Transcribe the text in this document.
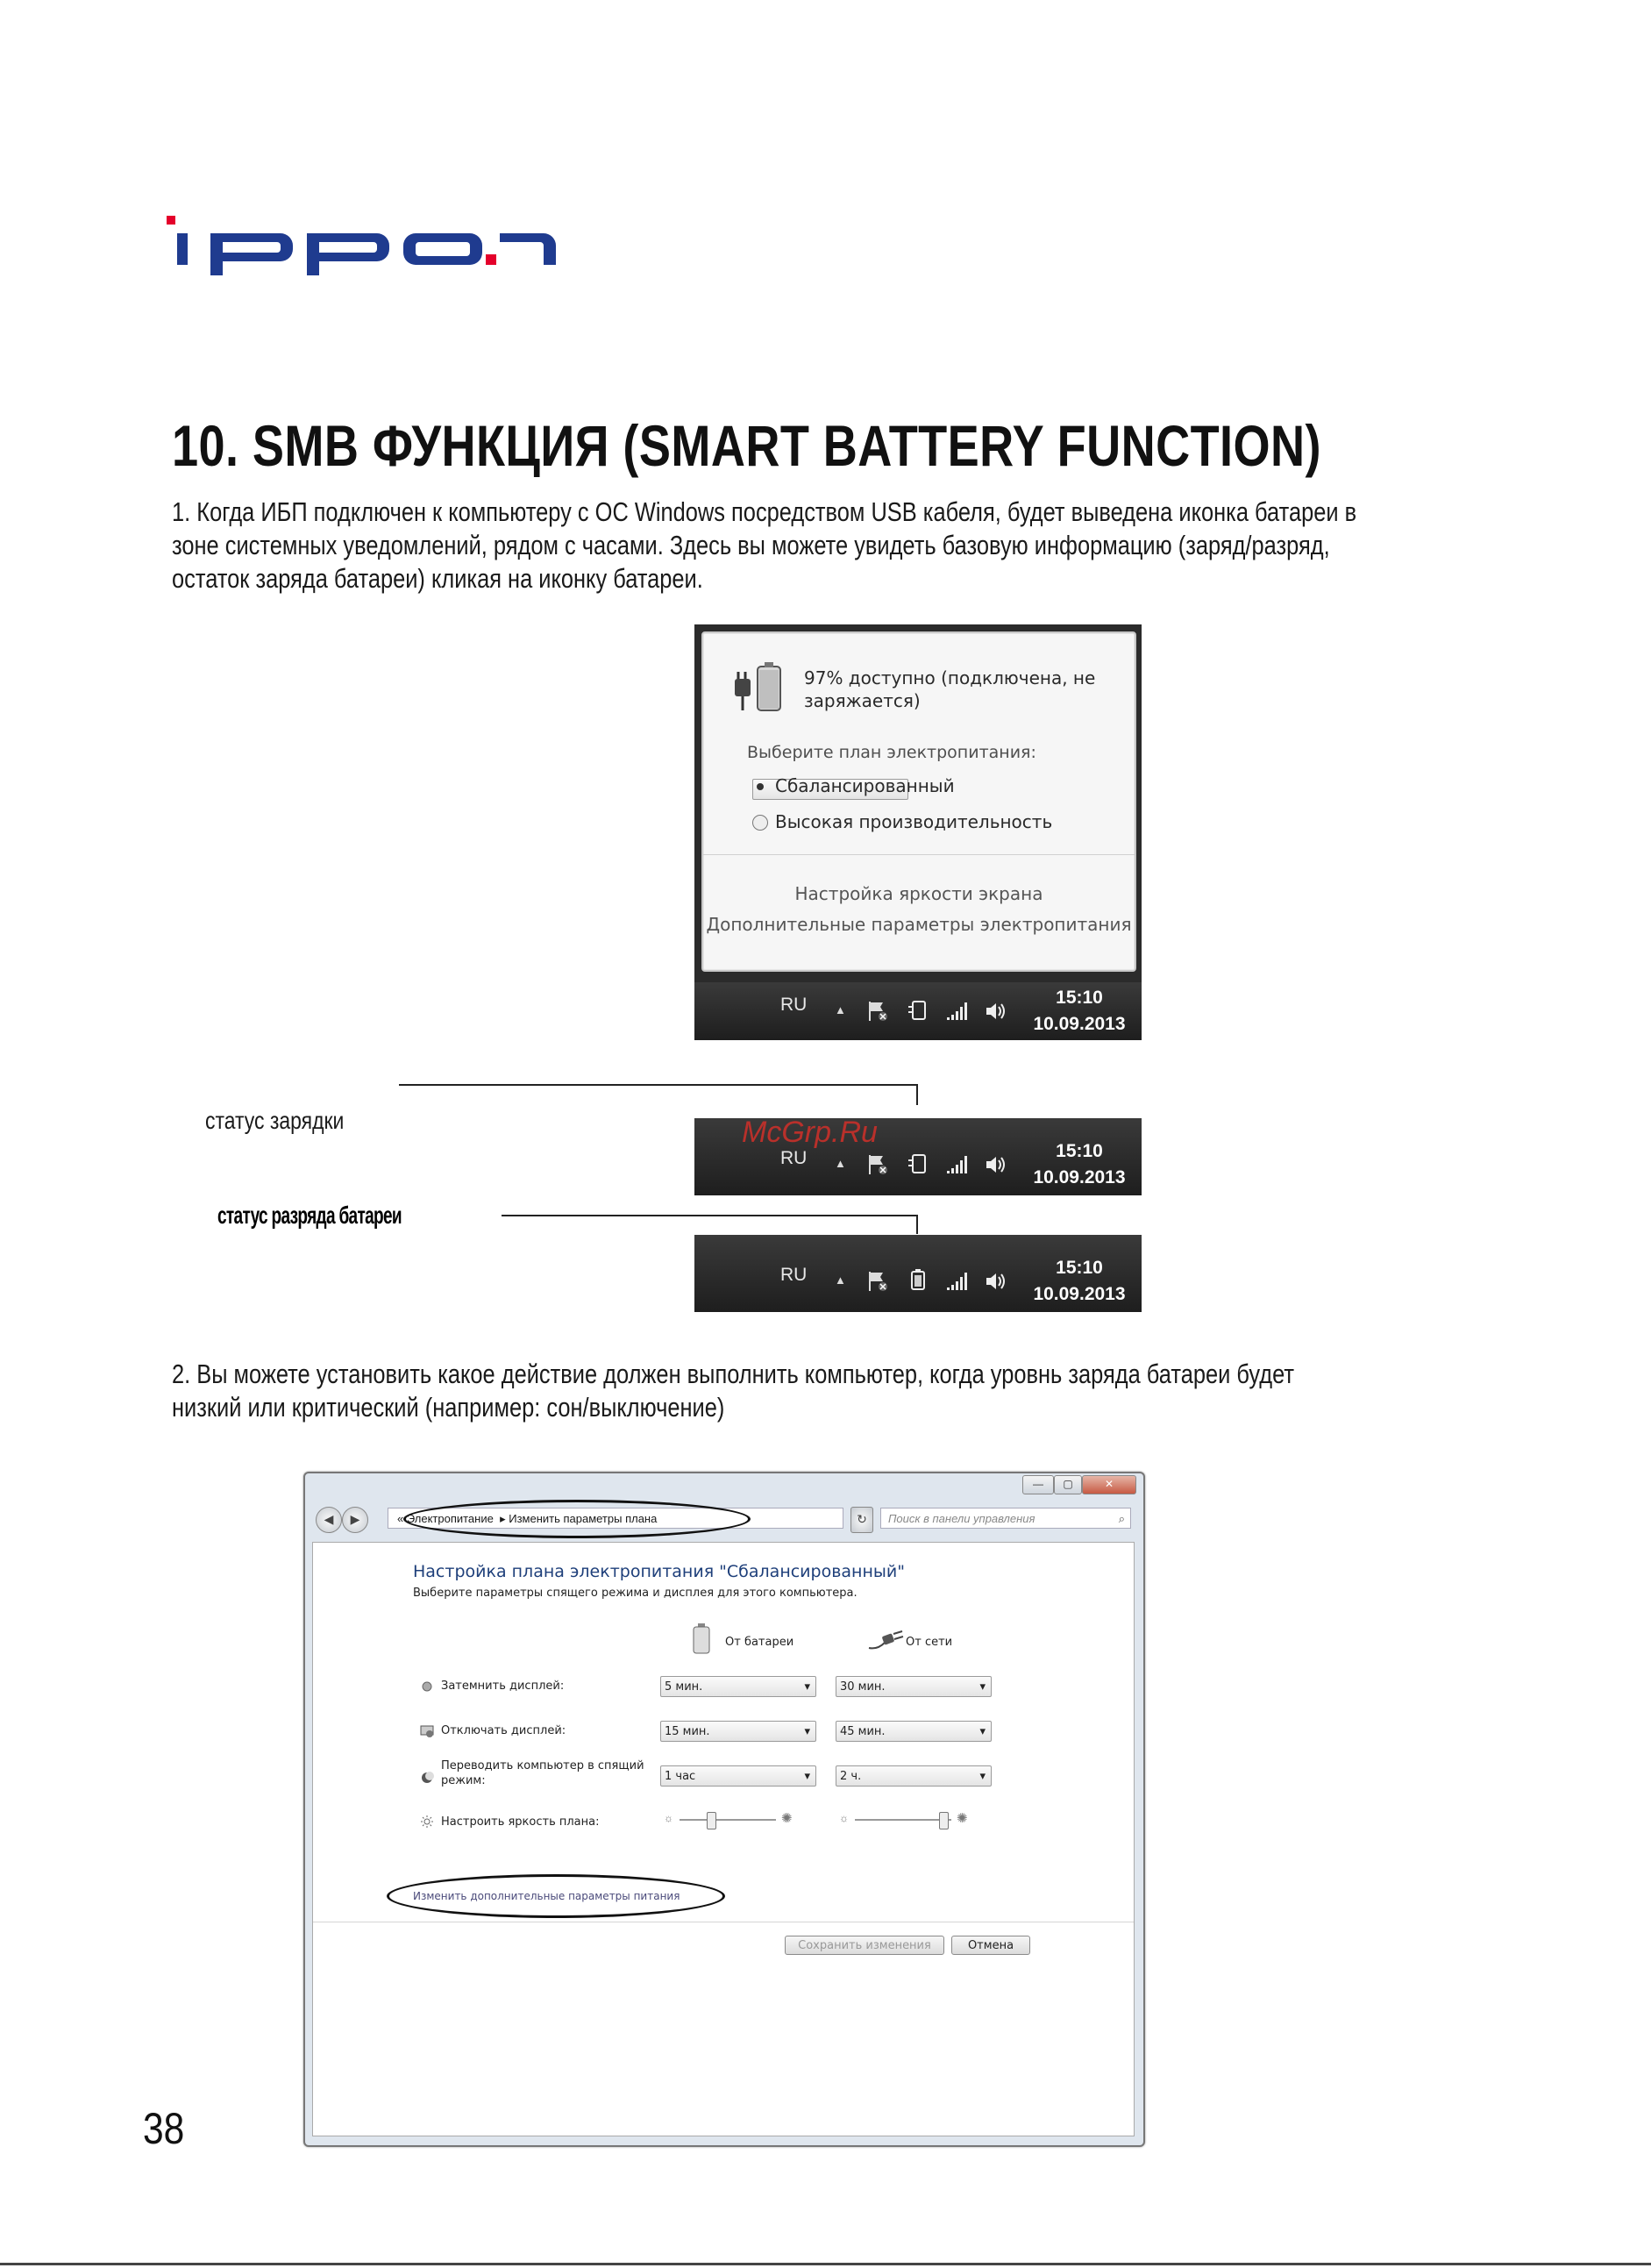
10. SMB ФУНКЦИЯ (SMART BATTERY FUNCTION)
1. Когда ИБП подключен к компьютеру с ОС Windows посредством USB кабеля, будет выведена иконка батареи в
зоне системных уведомлений, рядом с часами. Здесь вы можете увидеть базовую информацию (заряд/разряд,
остаток заряда батареи) кликая на иконку батареи.
97% доступно (подключена, не заряжается)
Выберите план электропитания:
Сбалансированный
Высокая производительность
Настройка яркости экрана
Дополнительные параметры электропитания
RU ▲
15:10
10.09.2013
статус зарядки
статус разряда батареи
RU ▲
15:10
10.09.2013
McGrp.Ru
RU ▲
15:10
10.09.2013
2. Вы можете установить какое действие должен выполнить компьютер, когда уровнь заряда батареи будет
низкий или критический (например: сон/выключение)
—	▢	✕
◀	▶	« Электропитание  ▸ Изменить параметры плана	↻	Поиск в панели управления	⌕
Настройка плана электропитания "Сбалансированный"
Выберите параметры спящего режима и дисплея для этого компьютера.
От батареи	От сети
Затемнить дисплей:	5 мин. ▾	30 мин. ▾
Отключать дисплей:	15 мин. ▾	45 мин. ▾
Переводить компьютер в спящий режим:	1 час ▾	2 ч. ▾
Настроить яркость плана:	☼	✺	☼	✺
Изменить дополнительные параметры питания
Сохранить изменения	Отмена
38
